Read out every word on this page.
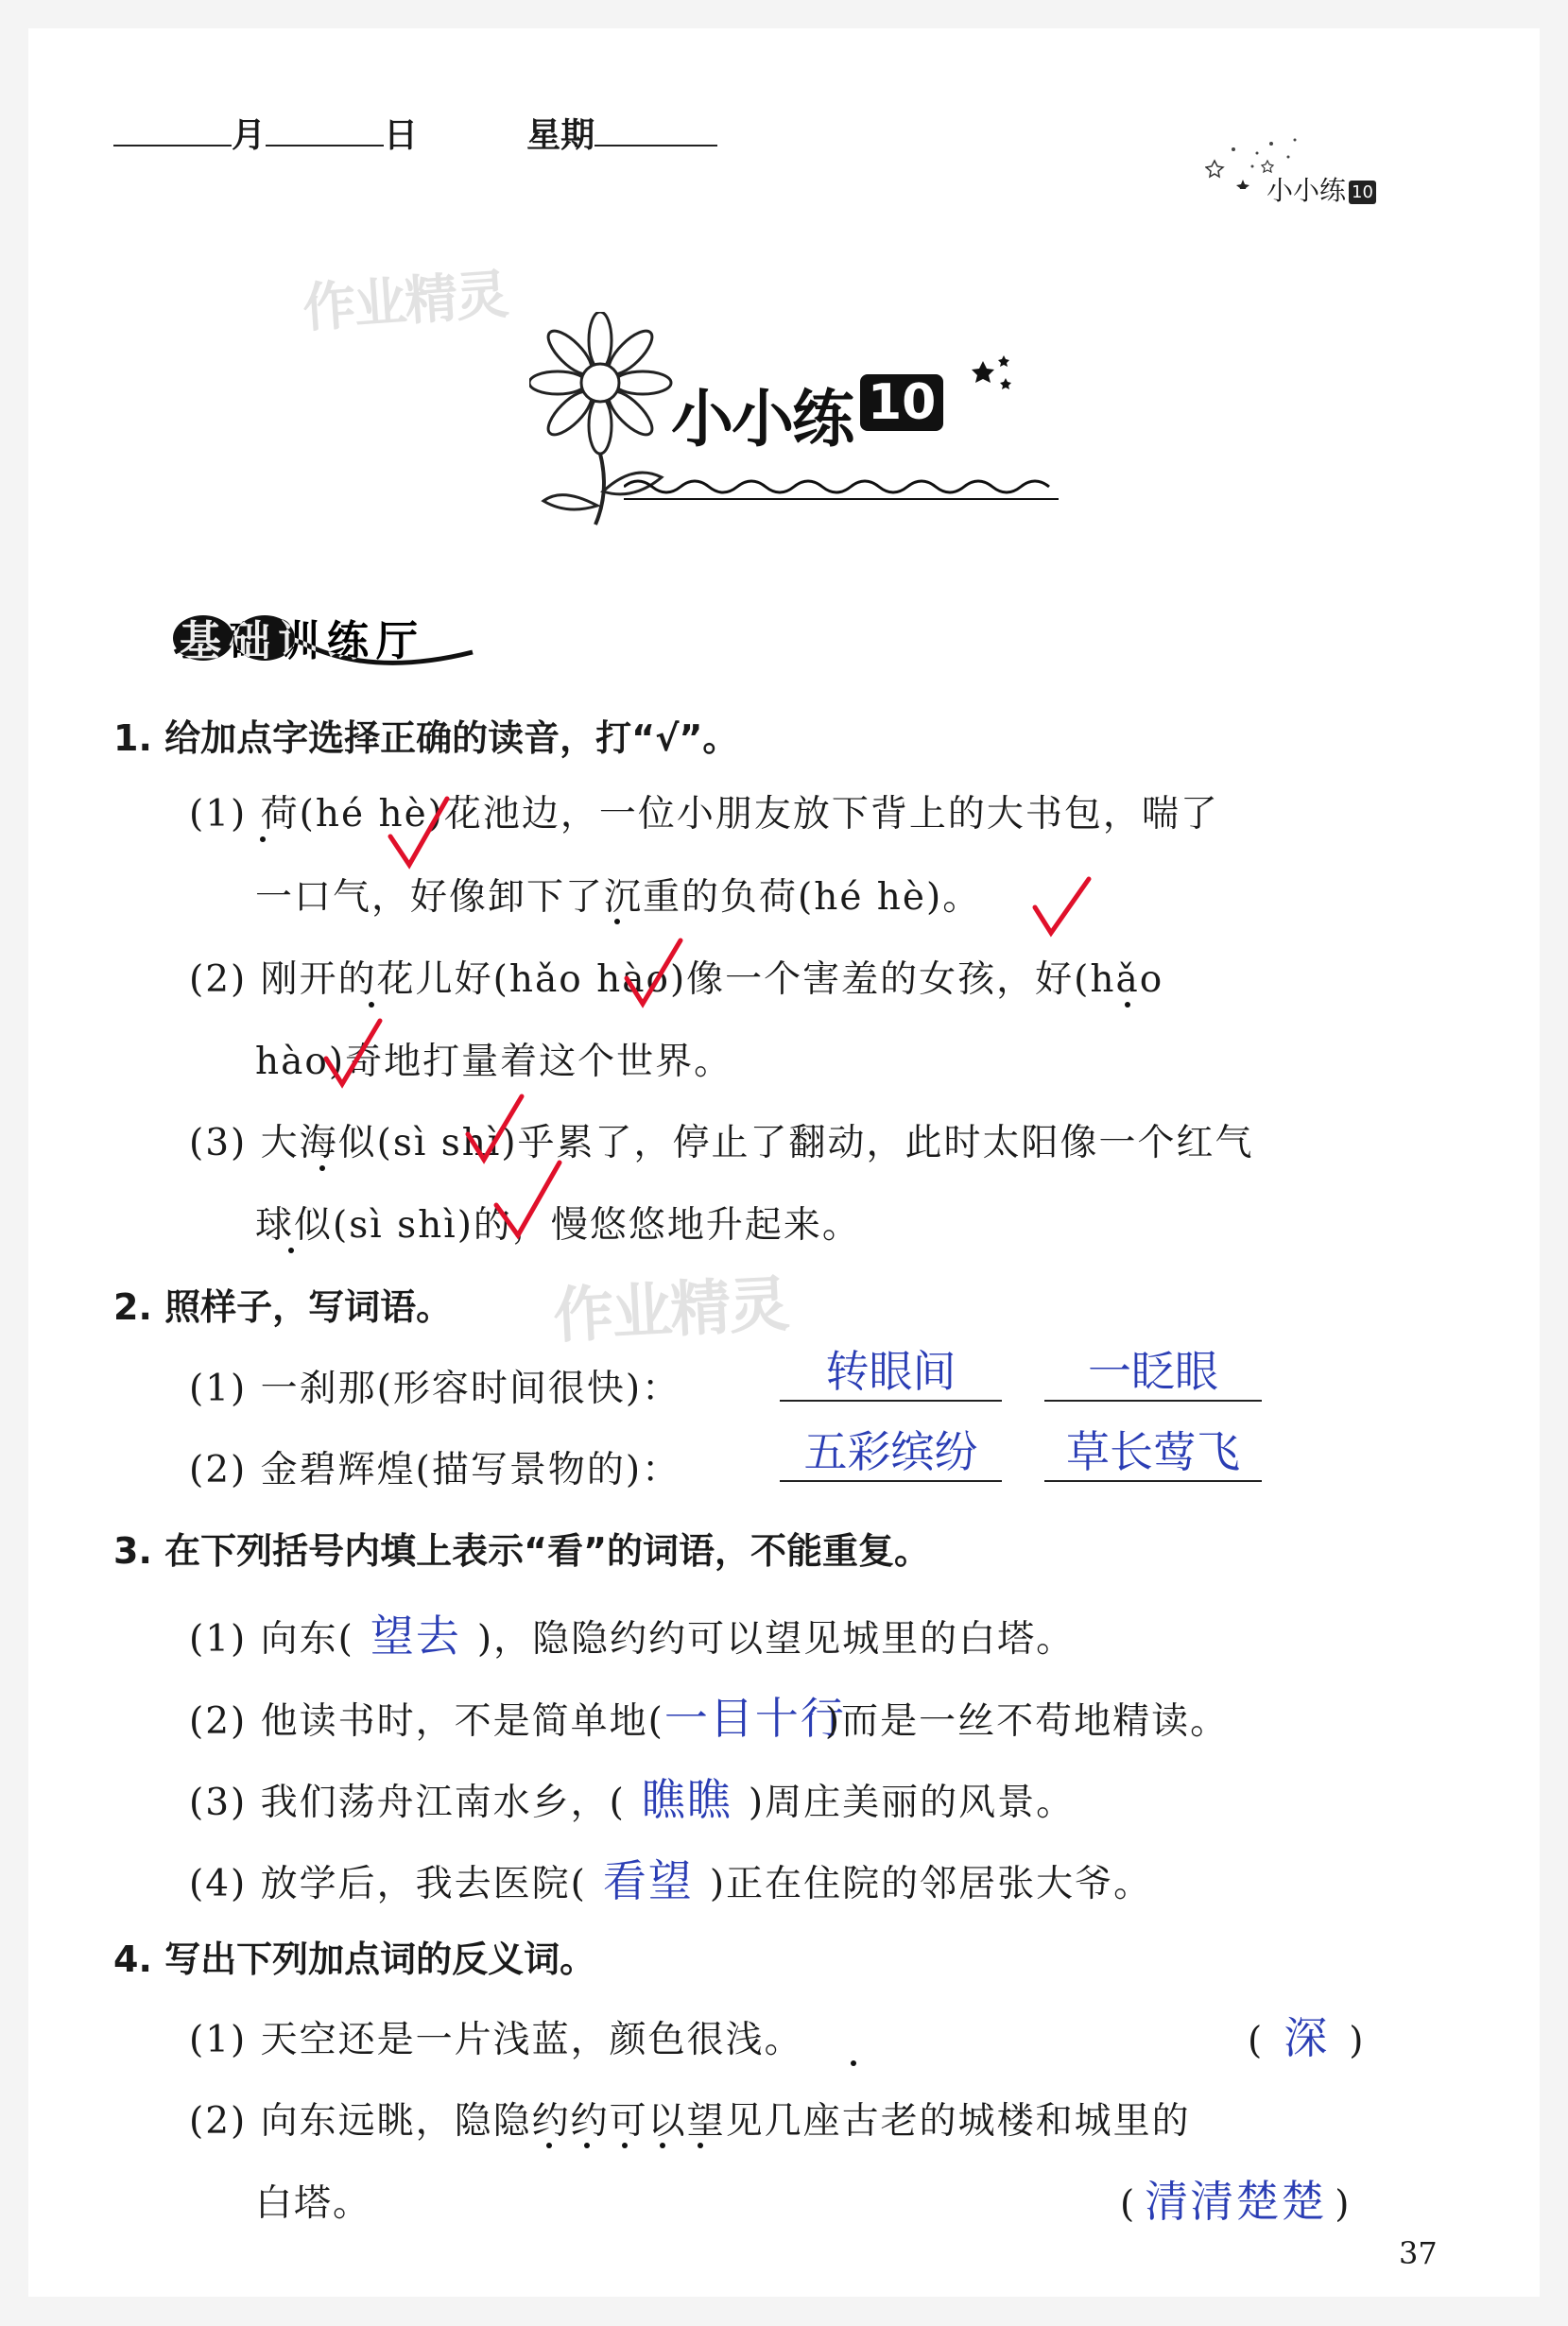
月	日	星期
小小练 10
作业精灵
小小练 10
基础训练厅
1. 给加点字选择正确的读音，打“√”。
(1) 荷(hé hè)花池边，一位小朋友放下背上的大书包，喘了
一口气，好像卸下了沉重的负荷(hé hè)。
(2) 刚开的花儿好(hǎo hào)像一个害羞的女孩，好(hǎo
hào)奇地打量着这个世界。
(3) 大海似(sì shì)乎累了，停止了翻动，此时太阳像一个红气
球似(sì shì)的，慢悠悠地升起来。
作业精灵
2. 照样子，写词语。
(1) 一刹那(形容时间很快)：	转眼间	一眨眼
(2) 金碧辉煌(描写景物的)：	五彩缤纷	草长莺飞
3. 在下列括号内填上表示“看”的词语，不能重复。
(1) 向东( 望去 )，隐隐约约可以望见城里的白塔。
(2) 他读书时，不是简单地(一目十行)而是一丝不苟地精读。
(3) 我们荡舟江南水乡，( 瞧瞧 )周庄美丽的风景。
(4) 放学后，我去医院( 看望 )正在住院的邻居张大爷。
4. 写出下列加点词的反义词。
(1) 天空还是一片浅蓝，颜色很浅。	( 深 )
(2) 向东远眺，隐隐约约可以望见几座古老的城楼和城里的
白塔。	( 清清楚楚 )
37
